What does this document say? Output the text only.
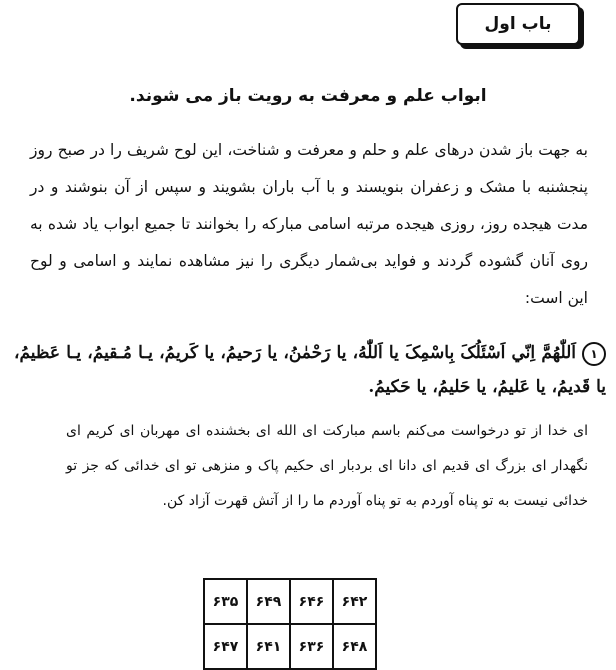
باب اول
ابواب علم و معرفت به رويت باز می شوند.
به جهت باز شدن درهای علم و حلم و معرفت و شناخت، این لوح شریف را در صبح روز پنجشنبه با مشک و زعفران بنویسند و با آب باران بشویند و سپس از آن بنوشند و در مدت هیجده روز، روزی هیجده مرتبه اسامی مبارکه را بخوانند تا جمیع ابواب یاد شده به روی آنان گشوده گردند و فواید بی‌شمار دیگری را نیز مشاهده نمایند و اسامی و لوح این است:
١اَللّٰهُمَّ اِنّي اَسْئَلُکَ بِاسْمِکَ يا اَللّٰهُ، يا رَحْمٰنُ، يا رَحيمُ، يا کَريمُ، يـا مُـقيمُ، يـا عَظيمُ، يا قَديمُ، يا عَليمُ، يا حَليمُ، يا حَکيمُ.
ای خدا از تو درخواست می‌کنم باسم مبارکت ای الله ای بخشنده ای مهربان ای کریم ای نگهدار ای بزرگ ای قدیم ای دانا ای بردبار ای حکیم پاک و منزهی تو ای خدائی که جز تو خدائی نیست به تو پناه آوردم به تو پناه آوردم ما را از آتش قهرت آزاد کن.
۶۴۲	۶۴۶	۶۴۹	۶۳۵
۶۴۸	۶۳۶	۶۴۱	۶۴۷
